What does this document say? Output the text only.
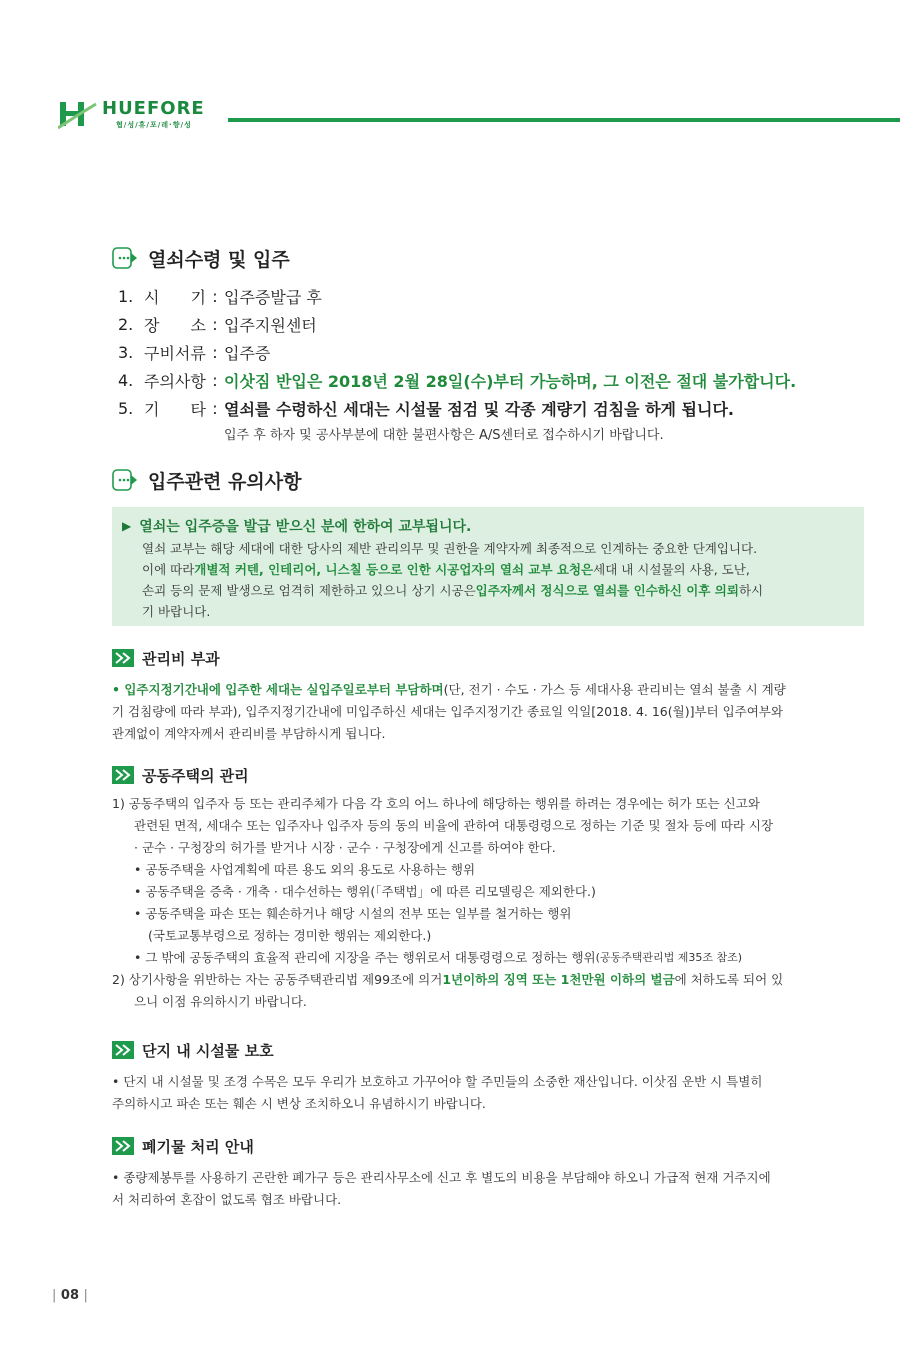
HUEFORE
협/성/휴/포/레·향/성
열쇠수령 및 입주
1. 시 기 : 입주증발급 후
2. 장 소 : 입주지원센터
3. 구비서류 : 입주증
4. 주의사항 : 이삿짐 반입은 2018년 2월 28일(수)부터 가능하며, 그 이전은 절대 불가합니다.
5. 기 타 : 열쇠를 수령하신 세대는 시설물 점검 및 각종 계량기 검침을 하게 됩니다.
입주 후 하자 및 공사부분에 대한 불편사항은 A/S센터로 접수하시기 바랍니다.
입주관련 유의사항
▶ 열쇠는 입주증을 발급 받으신 분에 한하여 교부됩니다.
열쇠 교부는 해당 세대에 대한 당사의 제반 관리의무 및 권한을 계약자께 최종적으로 인계하는 중요한 단계입니다.
이에 따라 개별적 커텐, 인테리어, 니스칠 등으로 인한 시공업자의 열쇠 교부 요청은 세대 내 시설물의 사용, 도난,
손괴 등의 문제 발생으로 엄격히 제한하고 있으니 상기 시공은 입주자께서 정식으로 열쇠를 인수하신 이후 의뢰 하시
기 바랍니다.
관리비 부과
• 입주지정기간내에 입주한 세대는 실입주일로부터 부담하며 (단, 전기 · 수도 · 가스 등 세대사용 관리비는 열쇠 불출 시 계량
기 검침량에 따라 부과), 입주지정기간내에 미입주하신 세대는 입주지정기간 종료일 익일[2018. 4. 16(월)]부터 입주여부와
관계없이 계약자께서 관리비를 부담하시게 됩니다.
공동주택의 관리
1) 공동주택의 입주자 등 또는 관리주체가 다음 각 호의 어느 하나에 해당하는 행위를 하려는 경우에는 허가 또는 신고와
관련된 면적, 세대수 또는 입주자나 입주자 등의 동의 비율에 관하여 대통령령으로 정하는 기준 및 절차 등에 따라 시장
· 군수 · 구청장의 허가를 받거나 시장 · 군수 · 구청장에게 신고를 하여야 한다.
• 공동주택을 사업계획에 따른 용도 외의 용도로 사용하는 행위
• 공동주택을 증축 · 개축 · 대수선하는 행위(「주택법」에 따른 리모델링은 제외한다.)
• 공동주택을 파손 또는 훼손하거나 해당 시설의 전부 또는 일부를 철거하는 행위
(국토교통부령으로 정하는 경미한 행위는 제외한다.)
• 그 밖에 공동주택의 효율적 관리에 지장을 주는 행위로서 대통령령으로 정하는 행위 (공동주택관리법 제35조 참조)
2) 상기사항을 위반하는 자는 공동주택관리법 제99조에 의거 1년이하의 징역 또는 1천만원 이하의 벌금 에 처하도록 되어 있
으니 이점 유의하시기 바랍니다.
단지 내 시설물 보호
• 단지 내 시설물 및 조경 수목은 모두 우리가 보호하고 가꾸어야 할 주민들의 소중한 재산입니다. 이삿짐 운반 시 특별히
주의하시고 파손 또는 훼손 시 변상 조치하오니 유념하시기 바랍니다.
폐기물 처리 안내
• 종량제봉투를 사용하기 곤란한 폐가구 등은 관리사무소에 신고 후 별도의 비용을 부담해야 하오니 가급적 현재 거주지에
서 처리하여 혼잡이 없도록 협조 바랍니다.
| 08 |
